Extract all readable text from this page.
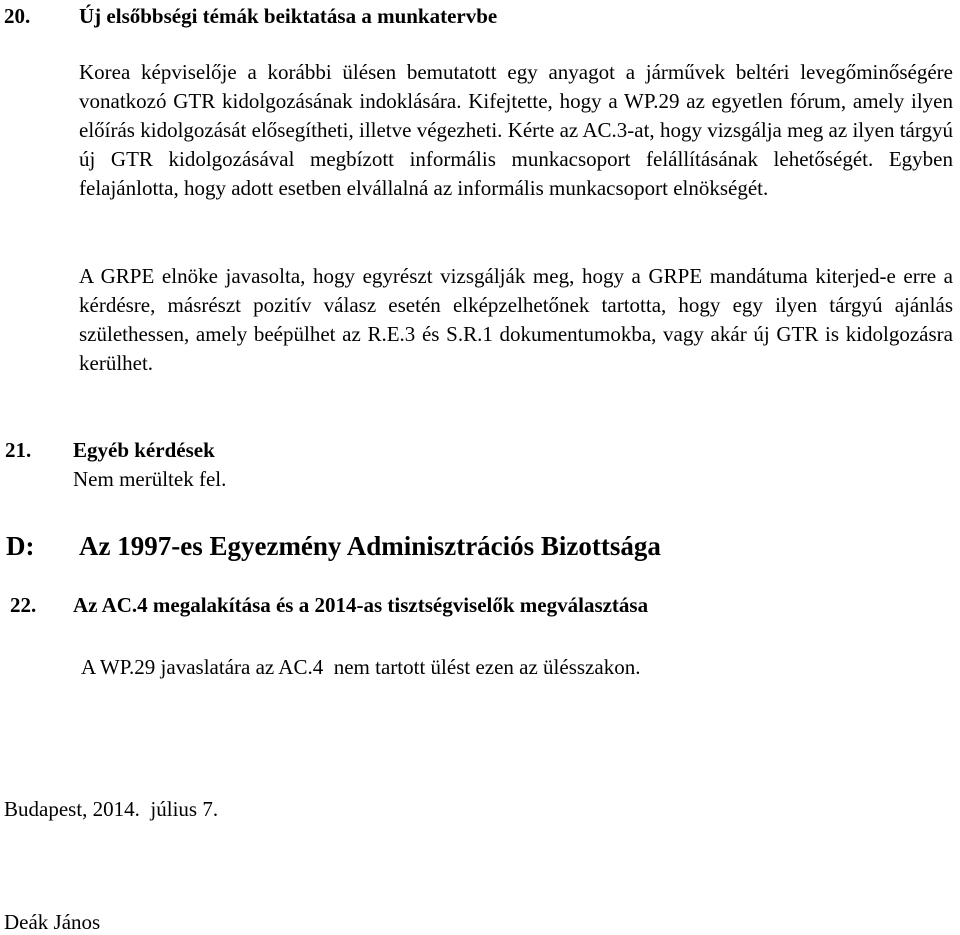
20. Új elsőbbségi témák beiktatása a munkatervbe
Korea képviselője a korábbi ülésen bemutatott egy anyagot a járművek beltéri levegőminőségére vonatkozó GTR kidolgozásának indoklására. Kifejtette, hogy a WP.29 az egyetlen fórum, amely ilyen előírás kidolgozását elősegítheti, illetve végezheti. Kérte az AC.3-at, hogy vizsgálja meg az ilyen tárgyú új GTR kidolgozásával megbízott informális munkacsoport felállításának lehetőségét. Egyben felajánlotta, hogy adott esetben elvállalná az informális munkacsoport elnökségét.
A GRPE elnöke javasolta, hogy egyrészt vizsgálják meg, hogy a GRPE mandátuma kiterjed-e erre a kérdésre, másrészt pozitív válasz esetén elképzelhetőnek tartotta, hogy egy ilyen tárgyú ajánlás születhessen, amely beépülhet az R.E.3 és S.R.1 dokumentumokba, vagy akár új GTR is kidolgozásra kerülhet.
21. Egyéb kérdések
Nem merültek fel.
D: Az 1997-es Egyezmény Adminisztrációs Bizottsága
22. Az AC.4 megalakítása és a 2014-as tisztségviselők megválasztása
A WP.29 javaslatára az AC.4  nem tartott ülést ezen az ülésszakon.
Budapest, 2014.  július 7.
Deák János
